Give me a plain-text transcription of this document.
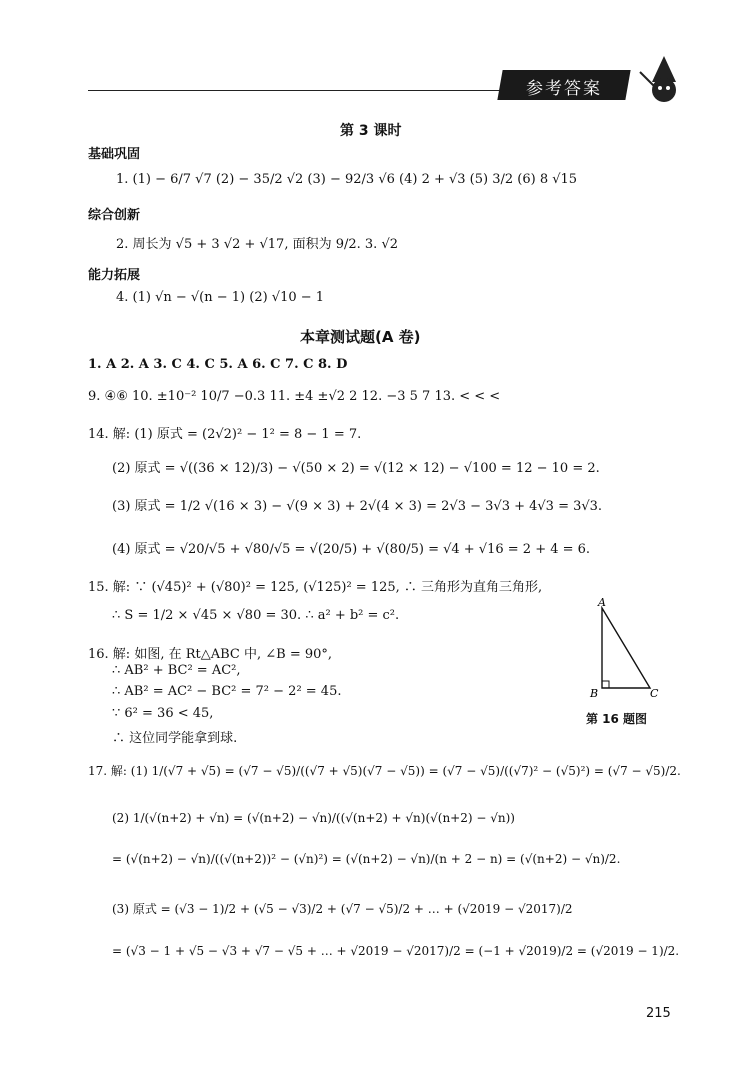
参考答案
第 3 课时
基础巩固
1. (1) − 6/7 √7 (2) − 35/2 √2 (3) − 92/3 √6 (4) 2 + √3 (5) 3/2 (6) 8 √15
综合创新
2. 周长为 √5 + 3 √2 + √17, 面积为 9/2. 3. √2
能力拓展
4. (1) √n − √(n − 1) (2) √10 − 1
本章测试题(A 卷)
1. A 2. A 3. C 4. C 5. A 6. C 7. C 8. D
9. ④⑥ 10. ±10⁻² 10/7 −0.3 11. ±4 ±√2 2 12. −3 5 7 13. < < <
14. 解: (1) 原式 = (2√2)² − 1² = 8 − 1 = 7.
(2) 原式 = √((36 × 12)/3) − √(50 × 2) = √(12 × 12) − √100 = 12 − 10 = 2.
(3) 原式 = 1/2 √(16 × 3) − √(9 × 3) + 2√(4 × 3) = 2√3 − 3√3 + 4√3 = 3√3.
(4) 原式 = √20/√5 + √80/√5 = √(20/5) + √(80/5) = √4 + √16 = 2 + 4 = 6.
15. 解: ∵ (√45)² + (√80)² = 125, (√125)² = 125, ∴ 三角形为直角三角形,
∴ S = 1/2 × √45 × √80 = 30. ∴ a² + b² = c².
16. 解: 如图, 在 Rt△ABC 中, ∠B = 90°,
∴ AB² + BC² = AC²,
∴ AB² = AC² − BC² = 7² − 2² = 45.
∵ 6² = 36 < 45,
∴ 这位同学能拿到球.
A
B	C
第 16 题图
17. 解: (1) 1/(√7 + √5) = (√7 − √5)/((√7 + √5)(√7 − √5)) = (√7 − √5)/((√7)² − (√5)²) = (√7 − √5)/2.
(2) 1/(√(n+2) + √n) = (√(n+2) − √n)/((√(n+2) + √n)(√(n+2) − √n))
= (√(n+2) − √n)/((√(n+2))² − (√n)²) = (√(n+2) − √n)/(n + 2 − n) = (√(n+2) − √n)/2.
(3) 原式 = (√3 − 1)/2 + (√5 − √3)/2 + (√7 − √5)/2 + … + (√2019 − √2017)/2
= (√3 − 1 + √5 − √3 + √7 − √5 + … + √2019 − √2017)/2 = (−1 + √2019)/2 = (√2019 − 1)/2.
215
